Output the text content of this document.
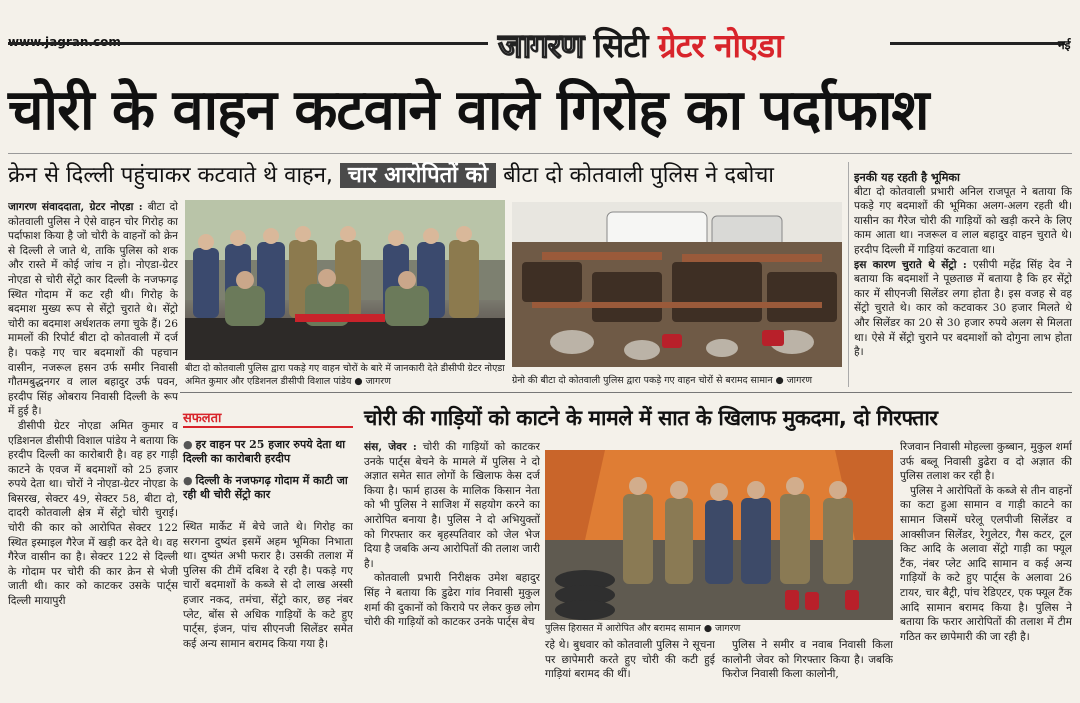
जागरण सिटी ग्रेटर नोएडा	नई
चोरी के वाहन कटवाने वाले गिरोह का पर्दाफाश
क्रेन से दिल्ली पहुंचाकर कटवाते थे वाहन, चार आरोपितों को बीटा दो कोतवाली पुलिस ने दबोचा

जागरण संवाददाता, ग्रेटर नोएडा : बीटा दो कोतवाली पुलिस ने ऐसे वाहन चोर गिरोह का पर्दाफाश किया है जो चोरी के वाहनों को क्रेन से दिल्ली ले जाते थे, ताकि पुलिस को शक और रास्ते में कोई जांच न हो। नोएडा-ग्रेटर नोएडा से चोरी सेंट्रो कार दिल्ली के नजफगढ़ स्थित गोदाम में कट रही थी। गिरोह के बदमाश मुख्य रूप से सेंट्रो चुराते थे। सेंट्रो चोरी का बदमाश अर्धशतक लगा चुके हैं। 26 मामलों की रिपोर्ट बीटा दो कोतवाली में दर्ज है। पकड़े गए चार बदमाशों की पहचान वासीन, नजरूल हसन उर्फ समीर निवासी गौतमबुद्धनगर व लाल बहादुर उर्फ पवन, हरदीप सिंह ओबराय निवासी दिल्ली के रूप में हुई है।

डीसीपी ग्रेटर नोएडा अमित कुमार व एडिशनल डीसीपी विशाल पांडेय ने बताया कि हरदीप दिल्ली का कारोबारी है। वह हर गाड़ी काटने के एवज में बदमाशों को 25 हजार रुपये देता था। चोरों ने नोएडा-ग्रेटर नोएडा के बिसरख, सेक्टर 49, सेक्टर 58, बीटा दो, दादरी कोतवाली क्षेत्र में सेंट्रो चोरी चुराई। चोरी की कार को आरोपित सेक्टर 122 स्थित इस्माइल गैरेज में खड़ी कर देते थे। वह गैरेज वासीन का है। सेक्टर 122 से दिल्ली के गोदाम पर चोरी की कार क्रेन से भेजी जाती थी। कार को काटकर उसके पार्ट्स दिल्ली मायापुरी

बीटा दो कोतवाली पुलिस द्वारा पकड़े गए वाहन चोरों के बारे में जानकारी देते डीसीपी ग्रेटर नोएडा अमित कुमार और एडिशनल डीसीपी विशाल पांडेय ● जागरण	ग्रेनो की बीटा दो कोतवाली पुलिस द्वारा पकड़े गए वाहन चोरों से बरामद सामान ● जागरण

इनकी यह रहती है भूमिका

बीटा दो कोतवाली प्रभारी अनिल राजपूत ने बताया कि पकड़े गए बदमाशों की भूमिका अलग-अलग रहती थी। यासीन का गैरेज चोरी की गाड़ियों को खड़ी करने के लिए काम आता था। नजरूल व लाल बहादुर वाहन चुराते थे। हरदीप दिल्ली में गाड़ियां कटवाता था।

इस कारण चुराते थे सेंट्रो : एसीपी महेंद्र सिंह देव ने बताया कि बदमाशों ने पूछताछ में बताया है कि हर सेंट्रो कार में सीएनजी सिलेंडर लगा होता है। इस वजह से वह सेंट्रो चुराते थे। कार को कटवाकर 30 हजार मिलते थे और सिलेंडर का 20 से 30 हजार रुपये अलग से मिलता था। ऐसे में सेंट्रो चुराने पर बदमाशों को दोगुना लाभ होता है।

सफलता
● हर वाहन पर 25 हजार रुपये देता था दिल्ली का कारोबारी हरदीप
● दिल्ली के नजफगढ़ गोदाम में काटी जा रही थी चोरी सेंट्रो कार

स्थित मार्केट में बेचे जाते थे। गिरोह का सरगना दुष्यंत इसमें अहम भूमिका निभाता था। दुष्यंत अभी फरार है। उसकी तलाश में पुलिस की टीमें दबिश दे रही है। पकड़े गए चारों बदमाशों के कब्जे से दो लाख अस्सी हजार नकद, तमंचा, सेंट्रो कार, छह नंबर प्लेट, बोंस से अधिक गाड़ियों के कटे हुए पार्ट्स, इंजन, पांच सीएनजी सिलेंडर समेत कई अन्य सामान बरामद किया गया है।

चोरी की गाड़ियों को काटने के मामले में सात के खिलाफ मुकदमा, दो गिरफ्तार

संस, जेवर : चोरी की गाड़ियों को काटकर उनके पार्ट्स बेचने के मामले में पुलिस ने दो अज्ञात समेत सात लोगों के खिलाफ केस दर्ज किया है। फार्म हाउस के मालिक किसान नेता को भी पुलिस ने साजिश में सहयोग करने का आरोपित बनाया है। पुलिस ने दो अभियुक्तों को गिरफ्तार कर बृहस्पतिवार को जेल भेज दिया है जबकि अन्य आरोपितों की तलाश जारी है।

कोतवाली प्रभारी निरीक्षक उमेश बहादुर सिंह ने बताया कि डुढेरा गांव निवासी मुकुल शर्मा की दुकानों को किराये पर लेकर कुछ लोग चोरी की गाड़ियों को काटकर उनके पार्ट्स बेच

पुलिस हिरासत में आरोपित और बरामद सामान ● जागरण

रहे थे। बुधवार को कोतवाली पुलिस ने सूचना पर छापेमारी करते हुए चोरी की कटी हुई गाड़ियां बरामद की थीं।

पुलिस ने समीर व नवाब निवासी किला कालोनी जेवर को गिरफ्तार किया है। जबकि फिरोज निवासी किला कालोनी,

रिजवान निवासी मोहल्ला कुब्बान, मुकुल शर्मा उर्फ बब्लू निवासी डुढेरा व दो अज्ञात की पुलिस तलाश कर रही है।

पुलिस ने आरोपितों के कब्जे से तीन वाहनों का कटा हुआ सामान व गाड़ी काटने का सामान जिसमें घरेलू एलपीजी सिलेंडर व आक्सीजन सिलेंडर, रेगुलेटर, गैस कटर, टूल किट आदि के अलावा सेंट्रो गाड़ी का फ्यूल टैंक, नंबर प्लेट आदि सामान व कई अन्य गाड़ियों के कटे हुए पार्ट्स के अलावा 26 टायर, चार बैट्री, पांच रेडिएटर, एक फ्यूल टैंक आदि सामान बरामद किया है। पुलिस ने बताया कि फरार आरोपितों की तलाश में टीम गठित कर छापेमारी की जा रही है।
